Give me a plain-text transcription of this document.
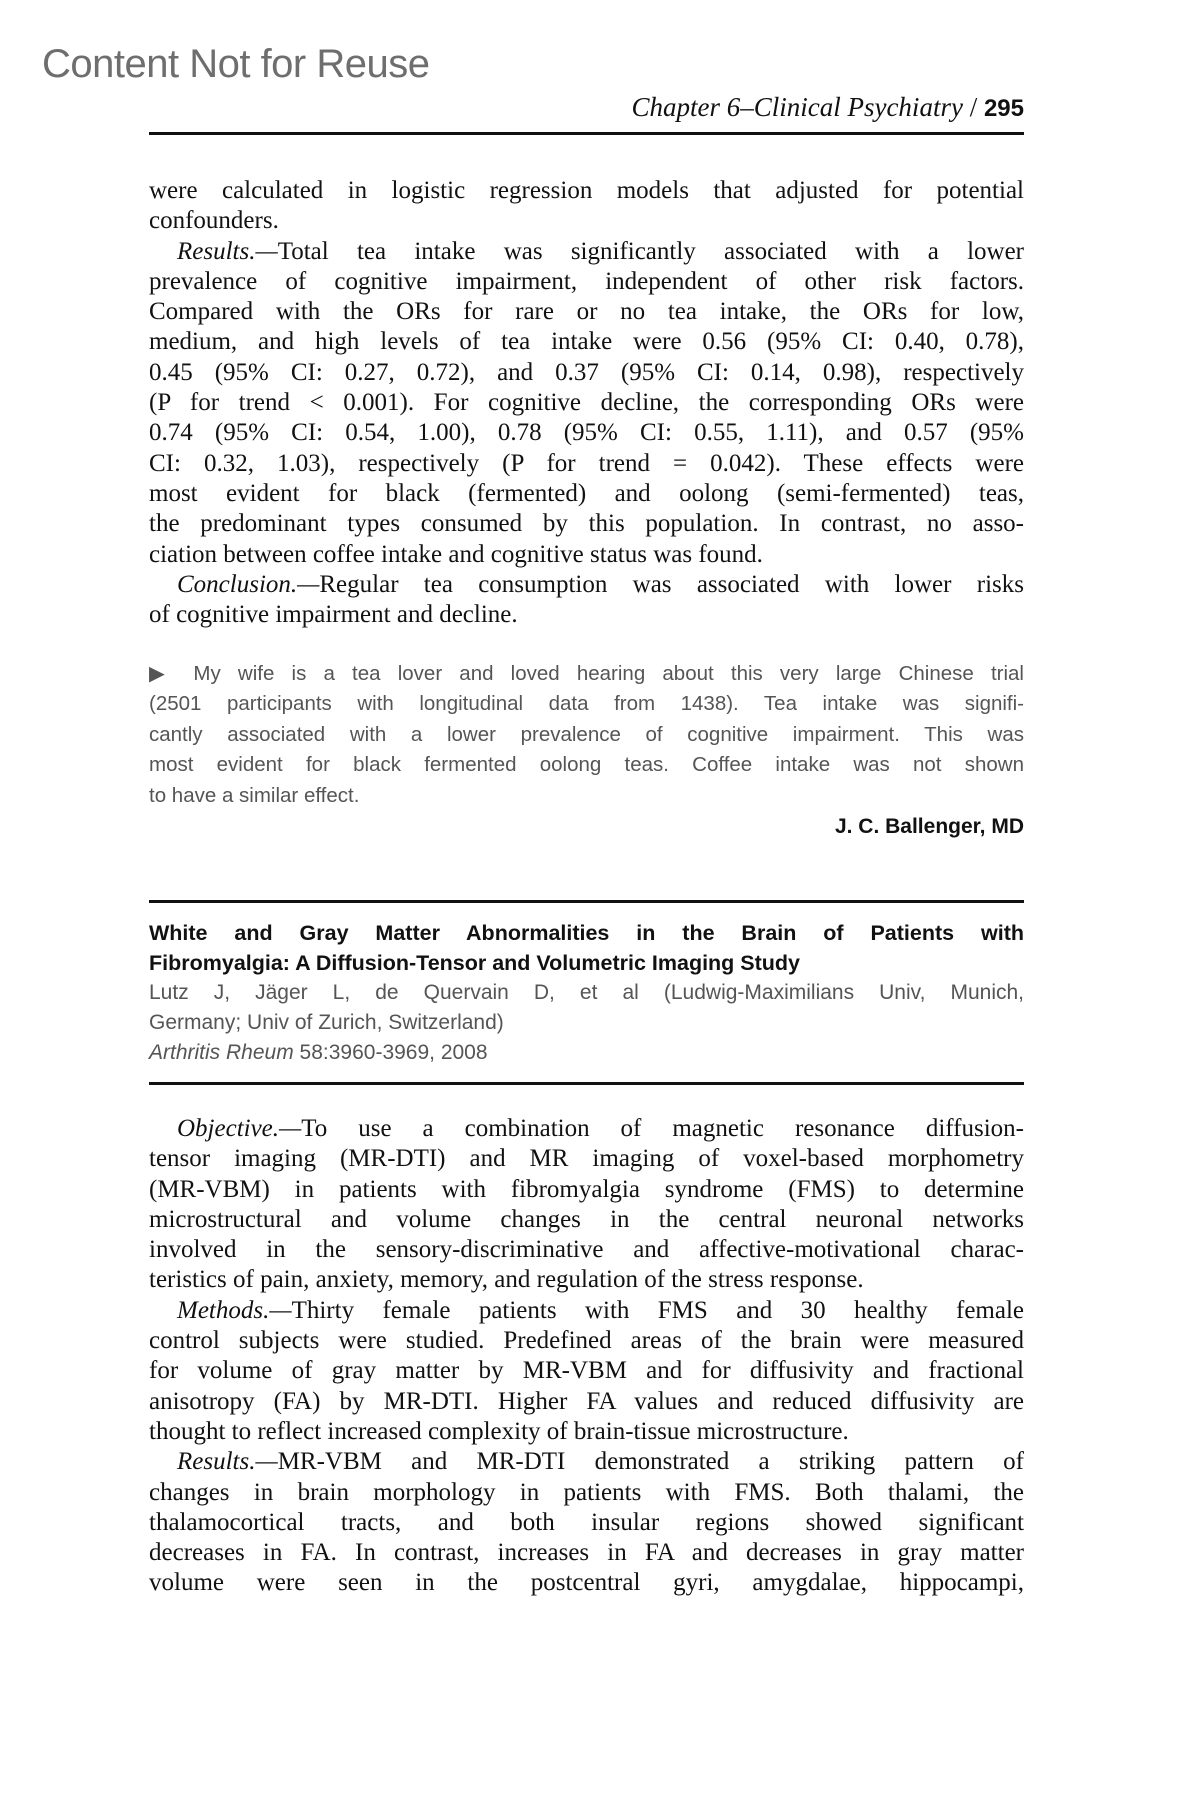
Content Not for Reuse
Chapter 6–Clinical Psychiatry / 295
were calculated in logistic regression models that adjusted for potential
confounders.
Results.—Total tea intake was significantly associated with a lower
prevalence of cognitive impairment, independent of other risk factors.
Compared with the ORs for rare or no tea intake, the ORs for low,
medium, and high levels of tea intake were 0.56 (95% CI: 0.40, 0.78),
0.45 (95% CI: 0.27, 0.72), and 0.37 (95% CI: 0.14, 0.98), respectively
(P for trend < 0.001). For cognitive decline, the corresponding ORs were
0.74 (95% CI: 0.54, 1.00), 0.78 (95% CI: 0.55, 1.11), and 0.57 (95%
CI: 0.32, 1.03), respectively (P for trend = 0.042). These effects were
most evident for black (fermented) and oolong (semi-fermented) teas,
the predominant types consumed by this population. In contrast, no asso-
ciation between coffee intake and cognitive status was found.
Conclusion.—Regular tea consumption was associated with lower risks
of cognitive impairment and decline.
▶ My wife is a tea lover and loved hearing about this very large Chinese trial
(2501 participants with longitudinal data from 1438). Tea intake was signifi-
cantly associated with a lower prevalence of cognitive impairment. This was
most evident for black fermented oolong teas. Coffee intake was not shown
to have a similar effect.
J. C. Ballenger, MD
White and Gray Matter Abnormalities in the Brain of Patients with
Fibromyalgia: A Diffusion-Tensor and Volumetric Imaging Study
Lutz J, Jäger L, de Quervain D, et al (Ludwig-Maximilians Univ, Munich,
Germany; Univ of Zurich, Switzerland)
Arthritis Rheum 58:3960-3969, 2008
Objective.—To use a combination of magnetic resonance diffusion-
tensor imaging (MR-DTI) and MR imaging of voxel-based morphometry
(MR-VBM) in patients with fibromyalgia syndrome (FMS) to determine
microstructural and volume changes in the central neuronal networks
involved in the sensory-discriminative and affective-motivational charac-
teristics of pain, anxiety, memory, and regulation of the stress response.
Methods.—Thirty female patients with FMS and 30 healthy female
control subjects were studied. Predefined areas of the brain were measured
for volume of gray matter by MR-VBM and for diffusivity and fractional
anisotropy (FA) by MR-DTI. Higher FA values and reduced diffusivity are
thought to reflect increased complexity of brain-tissue microstructure.
Results.—MR-VBM and MR-DTI demonstrated a striking pattern of
changes in brain morphology in patients with FMS. Both thalami, the
thalamocortical tracts, and both insular regions showed significant
decreases in FA. In contrast, increases in FA and decreases in gray matter
volume were seen in the postcentral gyri, amygdalae, hippocampi,
